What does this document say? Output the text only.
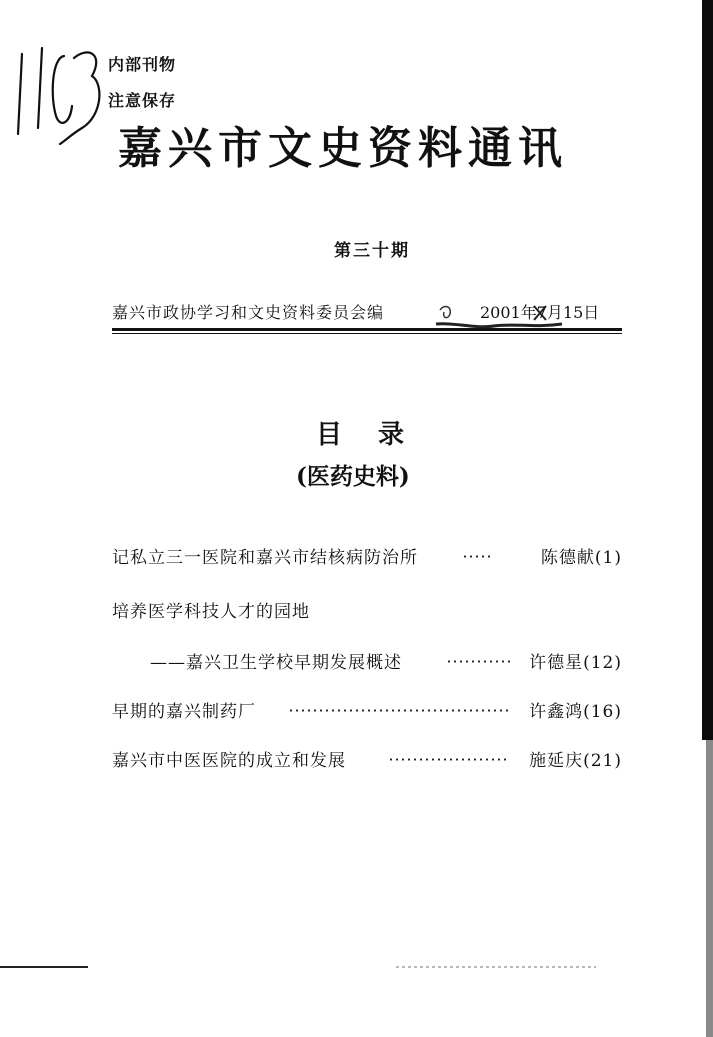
内部刊物
注意保存
嘉兴市文史资料通讯
第三十期
嘉兴市政协学习和文史资料委员会编	2001年7月15日
目录
(医药史料)
记私立三一医院和嘉兴市结核病防治所	陈德献(1)
培养医学科技人才的园地
——嘉兴卫生学校早期发展概述	许德星(12)
早期的嘉兴制药厂	许鑫鸿(16)
嘉兴市中医医院的成立和发展	施延庆(21)
